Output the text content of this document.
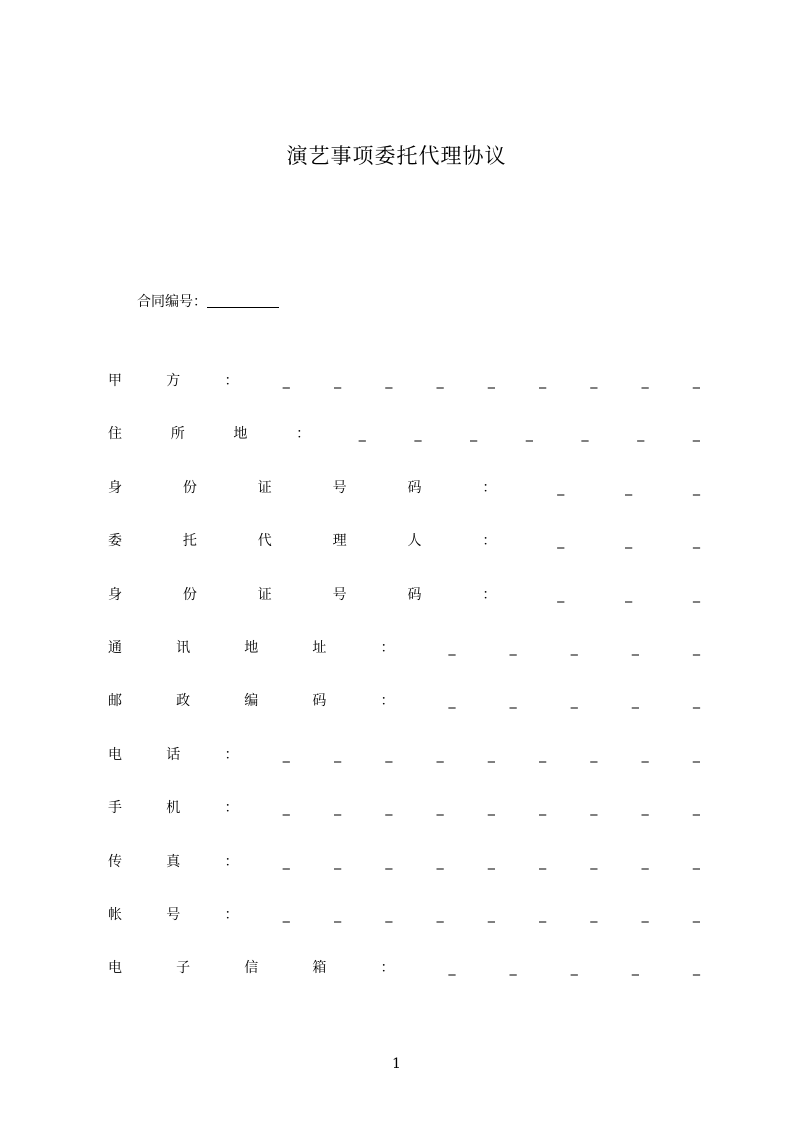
演艺事项委托代理协议
合同编号：
甲	方	：	_	_	_	_	_	_	_	_	_
住	所	地	：	_	_	_	_	_	_	_
身	份	证	号	码	：	_	_	_
委	托	代	理	人	：	_	_	_
身	份	证	号	码	：	_	_	_
通	讯	地	址	：	_	_	_	_	_
邮	政	编	码	：	_	_	_	_	_
电	话	：	_	_	_	_	_	_	_	_	_
手	机	：	_	_	_	_	_	_	_	_	_
传	真	：	_	_	_	_	_	_	_	_	_
帐	号	：	_	_	_	_	_	_	_	_	_
电	子	信	箱	：	_	_	_	_	_
1
